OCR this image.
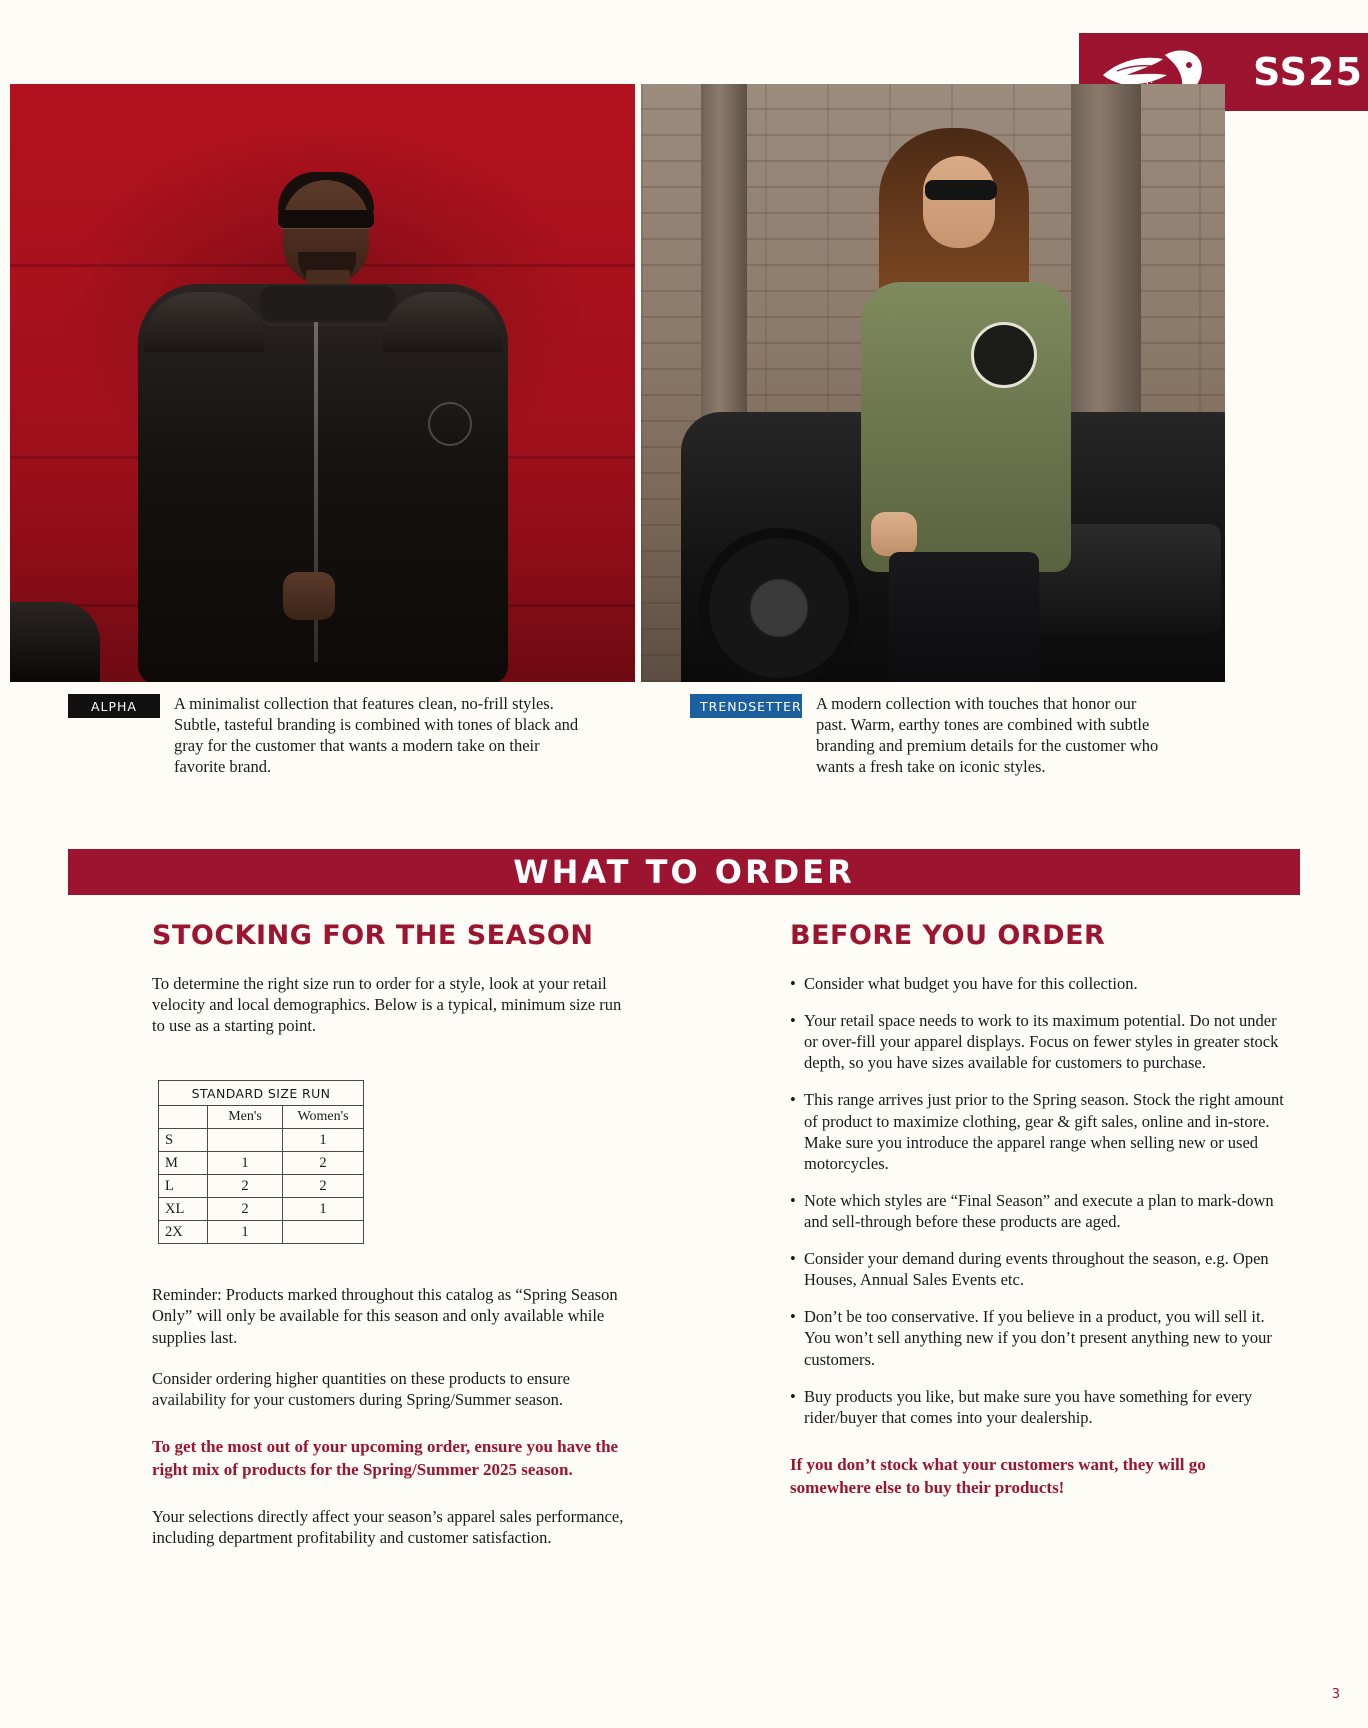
SS25
ALPHA	A minimalist collection that features clean, no-frill styles. Subtle, tasteful branding is combined with tones of black and gray for the customer that wants a modern take on their favorite brand.
TRENDSETTER A modern collection with touches that honor our past. Warm, earthy tones are combined with subtle branding and premium details for the customer who wants a fresh take on iconic styles.
WHAT TO ORDER
STOCKING FOR THE SEASON

To determine the right size run to order for a style, look at your retail velocity and local demographics. Below is a typical, minimum size run to use as a starting point.

STANDARD SIZE RUN		
	Men's	Women's
S		1
M	1	2
L	2	2
XL	2	1
2X	1	

Reminder: Products marked throughout this catalog as “Spring Season Only” will only be available for this season and only available while supplies last.

Consider ordering higher quantities on these products to ensure availability for your customers during Spring/Summer season.

To get the most out of your upcoming order, ensure you have the right mix of products for the Spring/Summer 2025 season.

Your selections directly affect your season’s apparel sales performance, including department profitability and customer satisfaction.

BEFORE YOU ORDER
• Consider what budget you have for this collection.
• Your retail space needs to work to its maximum potential. Do not under or over-fill your apparel displays. Focus on fewer styles in greater stock depth, so you have sizes available for customers to purchase.
• This range arrives just prior to the Spring season. Stock the right amount of product to maximize clothing, gear & gift sales, online and in-store. Make sure you introduce the apparel range when selling new or used motorcycles.
• Note which styles are “Final Season” and execute a plan to mark-down and sell-through before these products are aged.
• Consider your demand during events throughout the season, e.g. Open Houses, Annual Sales Events etc.
• Don’t be too conservative. If you believe in a product, you will sell it. You won’t sell anything new if you don’t present anything new to your customers.
• Buy products you like, but make sure you have something for every rider/buyer that comes into your dealership.

If you don’t stock what your customers want, they will go somewhere else to buy their products!

3
